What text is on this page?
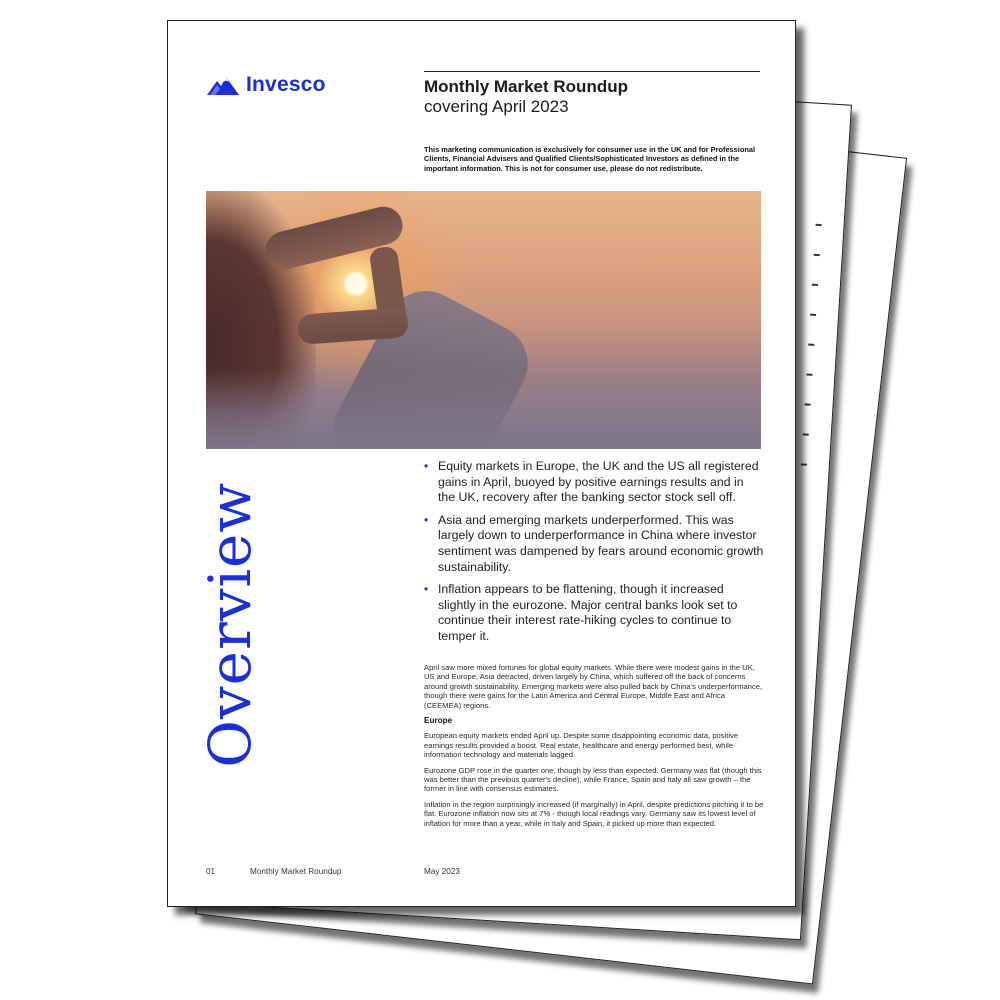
Invesco	Monthly Market Roundup
covering April 2023
This marketing communication is exclusively for consumer use in the UK and for Professional Clients, Financial Advisers and Qualified Clients/Sophisticated Investors as defined in the important information. This is not for consumer use, please do not redistribute.
Overview
• Equity markets in Europe, the UK and the US all registered gains in April, buoyed by positive earnings results and in the UK, recovery after the banking sector stock sell off.
• Asia and emerging markets underperformed. This was largely down to underperformance in China where investor sentiment was dampened by fears around economic growth sustainability.
• Inflation appears to be flattening, though it increased slightly in the eurozone. Major central banks look set to continue their interest rate-hiking cycles to continue to temper it.

April saw more mixed fortunes for global equity markets. While there were modest gains in the UK, US and Europe, Asia detracted, driven largely by China, which suffered off the back of concerns around growth sustainability. Emerging markets were also pulled back by China's underperformance, though there were gains for the Latin America and Central Europe, Middle East and Africa (CEEMEA) regions.

Europe

European equity markets ended April up. Despite some disappointing economic data, positive earnings results provided a boost. Real estate, healthcare and energy performed best, while information technology and materials lagged.

Eurozone GDP rose in the quarter one, though by less than expected. Germany was flat (though this was better than the previous quarter's decline), while France, Spain and Italy all saw growth – the former in line with consensus estimates.

Inflation in the region surprisingly increased (if marginally) in April, despite predictions pitching it to be flat. Eurozone inflation now sits at 7% - though local readings vary. Germany saw its lowest level of inflation for more than a year, while in Italy and Spain, it picked up more than expected.

01	Monthly Market Roundup	May 2023
